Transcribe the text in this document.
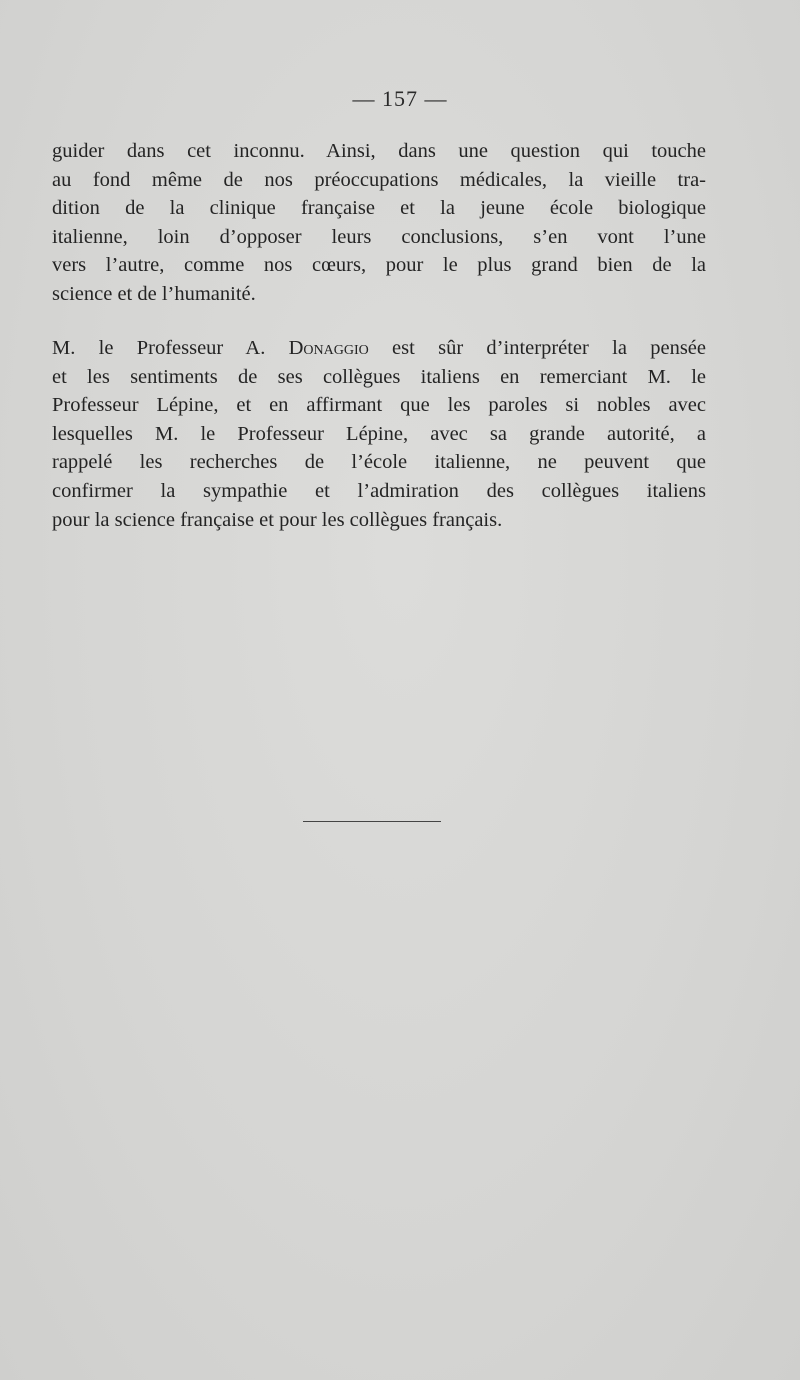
— 157 —
guider dans cet inconnu. Ainsi, dans une question qui touche
au fond même de nos préoccupations médicales, la vieille tra-
dition de la clinique française et la jeune école biologique
italienne, loin d’opposer leurs conclusions, s’en vont l’une
vers l’autre, comme nos cœurs, pour le plus grand bien de la
science et de l’humanité.
M. le Professeur A. Donaggio est sûr d’interpréter la pensée
et les sentiments de ses collègues italiens en remerciant M. le
Professeur Lépine, et en affirmant que les paroles si nobles avec
lesquelles M. le Professeur Lépine, avec sa grande autorité, a
rappelé les recherches de l’école italienne, ne peuvent que
confirmer la sympathie et l’admiration des collègues italiens
pour la science française et pour les collègues français.
